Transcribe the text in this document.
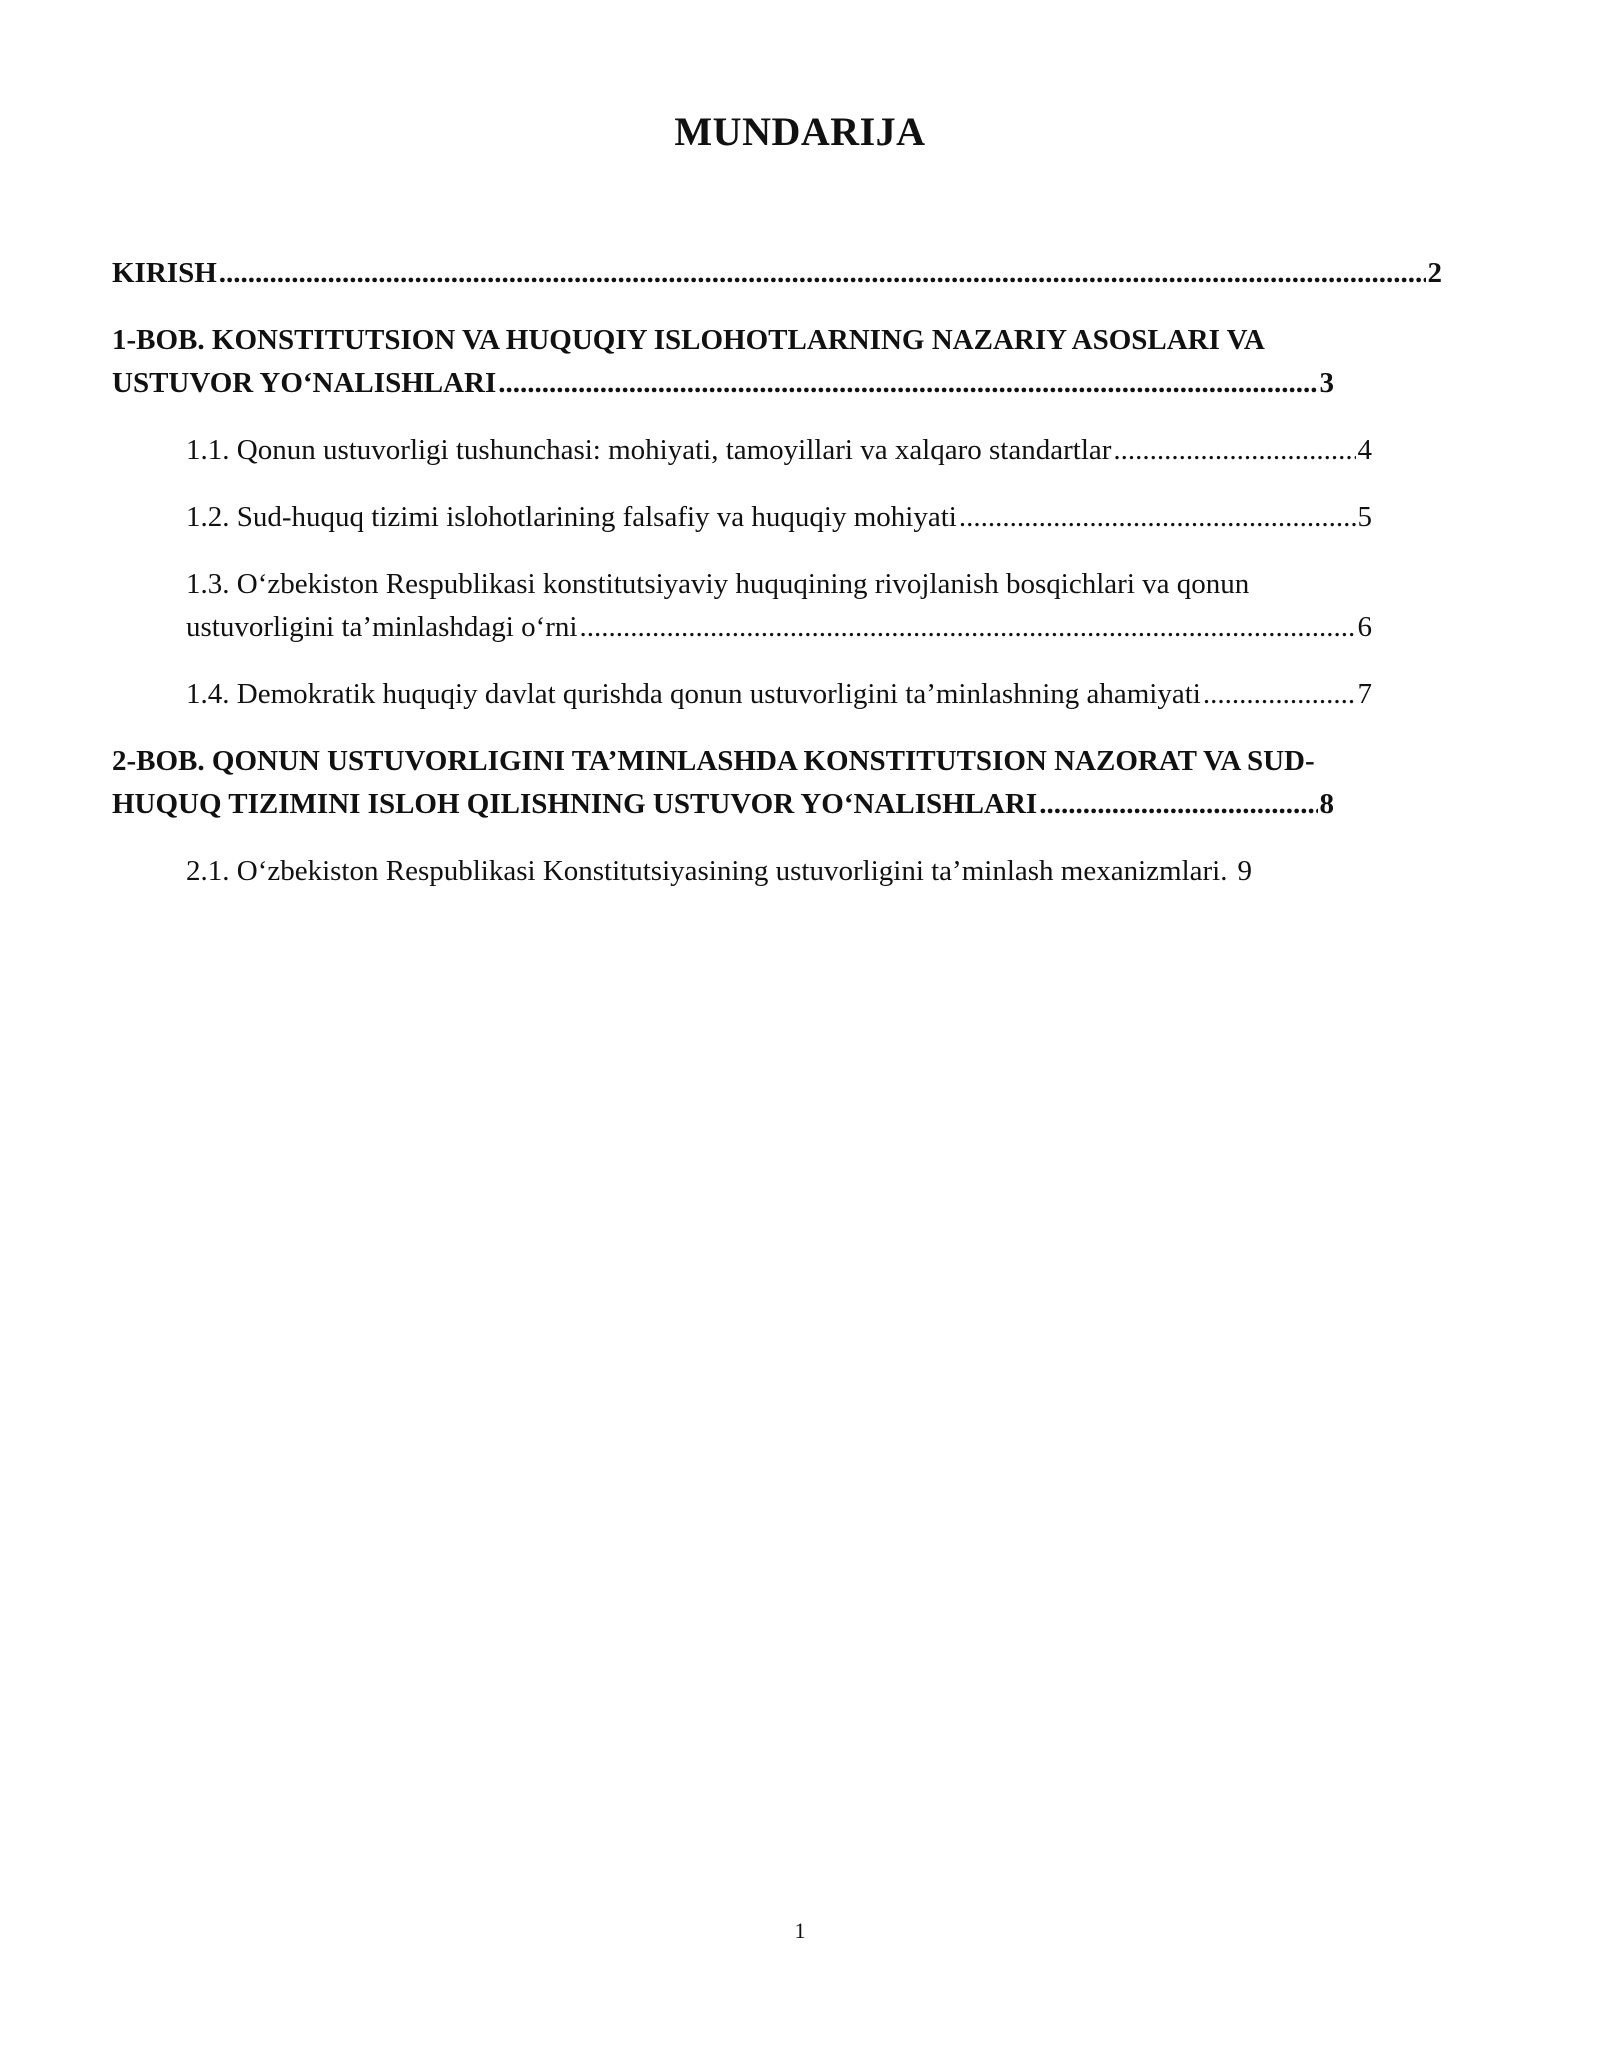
MUNDARIJA
KIRISH .....	2
1-BOB. KONSTITUTSION VA HUQUQIY ISLOHOTLARNING NAZARIY ASOSLARI VA
USTUVOR YO‘NALISHLARI .....	3
1.1. Qonun ustuvorligi tushunchasi: mohiyati, tamoyillari va xalqaro standartlar .....	4
1.2. Sud-huquq tizimi islohotlarining falsafiy va huquqiy mohiyati .....	5
1.3. O‘zbekiston Respublikasi konstitutsiyaviy huquqining rivojlanish bosqichlari va qonun
ustuvorligini ta’minlashdagi o‘rni .....	6
1.4. Demokratik huquqiy davlat qurishda qonun ustuvorligini ta’minlashning ahamiyati .....	7
2-BOB. QONUN USTUVORLIGINI TA’MINLASHDA KONSTITUTSION NAZORAT VA SUD-
HUQUQ TIZIMINI ISLOH QILISHNING USTUVOR YO‘NALISHLARI .....	8
2.1. O‘zbekiston Respublikasi Konstitutsiyasining ustuvorligini ta’minlash mexanizmlari. 9
1
